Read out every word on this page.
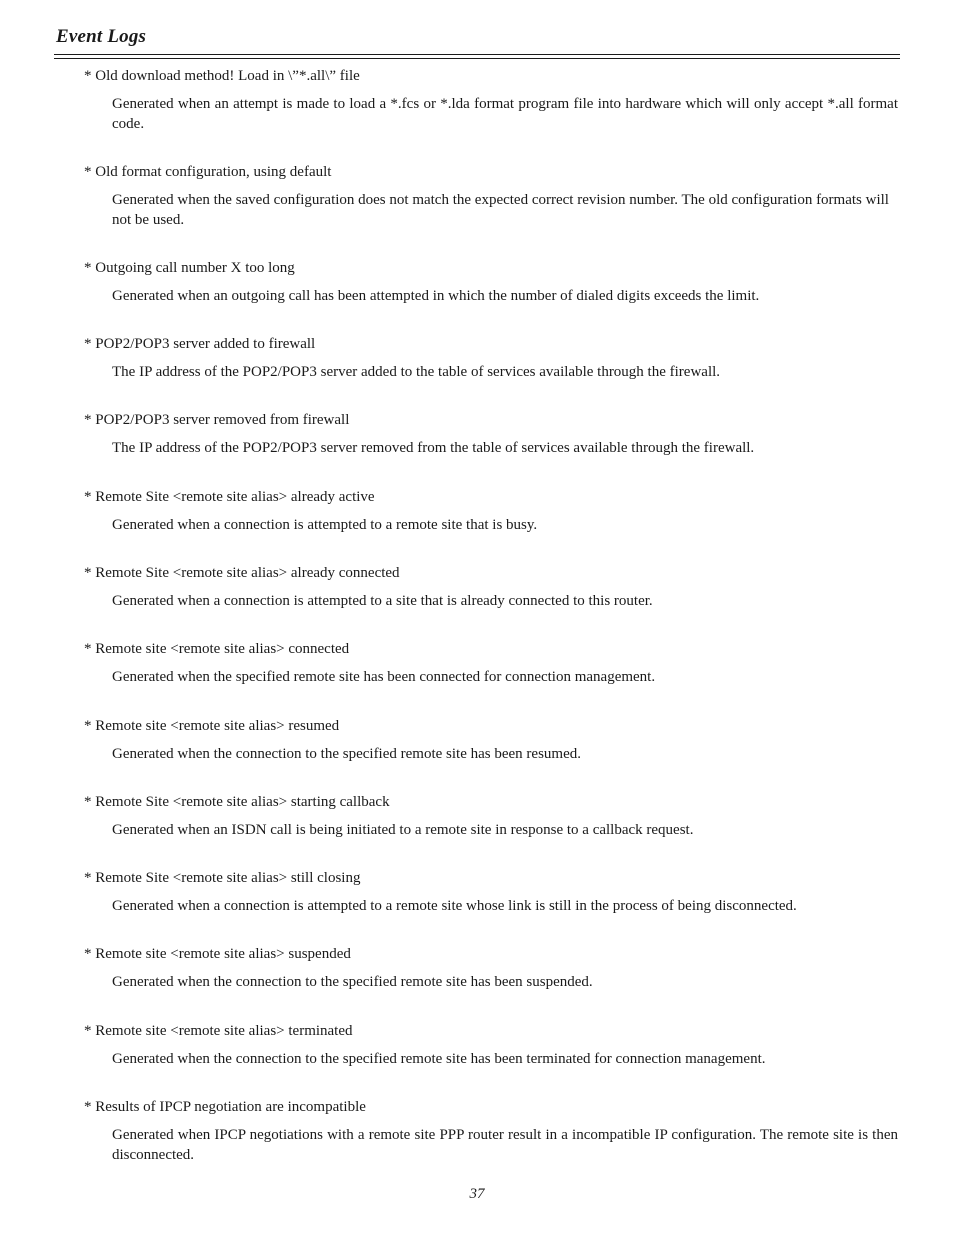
Event Logs
* Old download method! Load in \”*.all\” file
Generated when an attempt is made to load a *.fcs or *.lda format program file into hardware which will only accept *.all format code.
* Old format configuration, using default
Generated when the saved configuration does not match the expected correct revision number. The old configuration formats will not be used.
* Outgoing call number X too long
Generated when an outgoing call has been attempted in which the number of dialed digits exceeds the limit.
* POP2/POP3 server added to firewall
The IP address of the POP2/POP3 server added to the table of services available through the firewall.
* POP2/POP3 server removed from firewall
The IP address of the POP2/POP3 server removed from the table of services available through the firewall.
* Remote Site <remote site alias> already active
Generated when a connection is attempted to a remote site that is busy.
* Remote Site <remote site alias> already connected
Generated when a connection is attempted to a site that is already connected to this router.
* Remote site <remote site alias> connected
Generated when the specified remote site has been connected for connection management.
* Remote site <remote site alias> resumed
Generated when the connection to the specified remote site has been resumed.
* Remote Site <remote site alias> starting callback
Generated when an ISDN call is being initiated to a remote site in response to a callback request.
* Remote Site <remote site alias> still closing
Generated when a connection is attempted to a remote site whose link is still in the process of being disconnected.
* Remote site <remote site alias> suspended
Generated when the connection to the specified remote site has been suspended.
* Remote site <remote site alias> terminated
Generated when the connection to the specified remote site has been terminated for connection management.
* Results of IPCP negotiation are incompatible
Generated when IPCP negotiations with a remote site PPP router result in a incompatible IP configuration. The remote site is then disconnected.
37
